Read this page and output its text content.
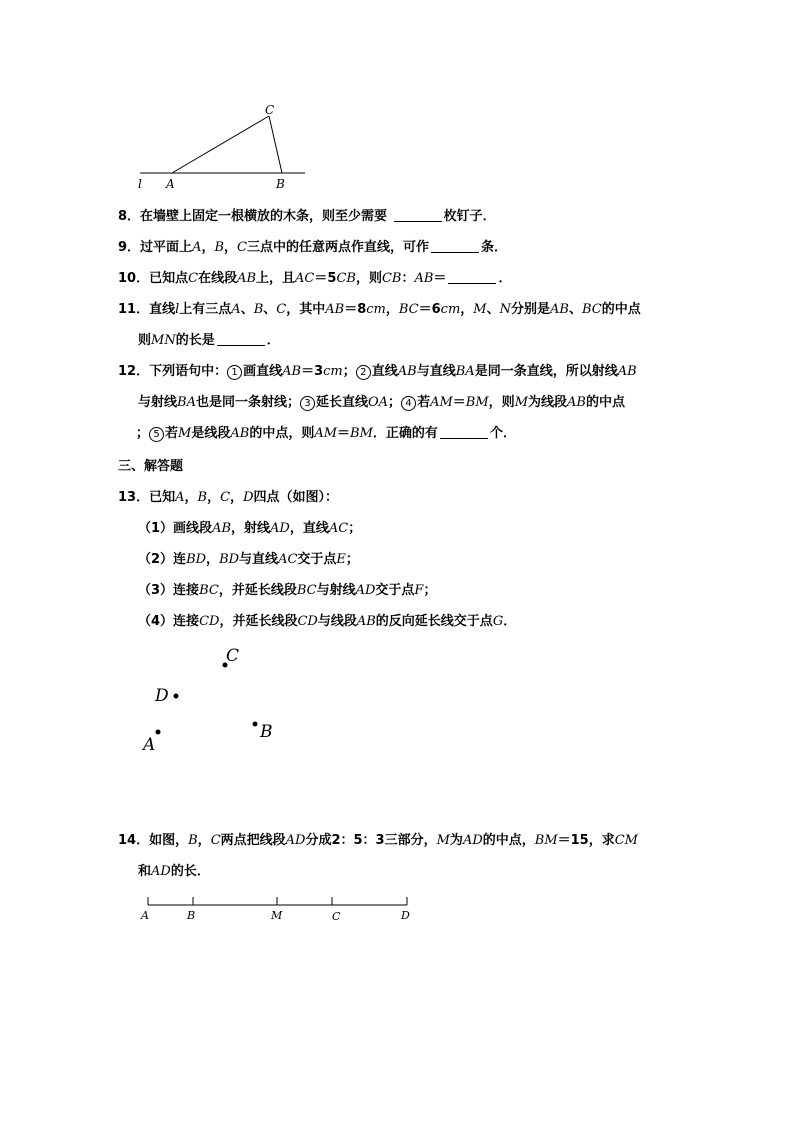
C
l A	B
8．在墙壁上固定一根横放的木条，则至少需要	枚钉子．
9．过平面上A，B，C三点中的任意两点作直线，可作	条．
10．已知点C在线段AB上，且AC＝5CB，则CB：AB＝	．
11．直线l上有三点A、B、C，其中AB＝8cm，BC＝6cm，M、N分别是AB、BC的中点
则MN的长是	．
12．下列语句中： 1 画直线AB＝3cm； 2 直线AB与直线BA是同一条直线，所以射线AB
与射线BA也是同一条射线； 3 延长直线OA； 4 若AM＝BM，则M为线段AB的中点
； 5 若M是线段AB的中点，则AM＝BM．正确的有	个．
三、解答题
13．已知A，B，C，D四点（如图）：
（1）画线段AB，射线AD，直线AC；
（2）连BD，BD与直线AC交于点E；
（3）连接BC，并延长线段BC与射线AD交于点F；
（4）连接CD，并延长线段CD与线段AB的反向延长线交于点G．
C
D
A
B
14．如图，B，C两点把线段AD分成2：5：3三部分，M为AD的中点，BM＝15，求CM
和AD的长．
A	B	M	C	D
